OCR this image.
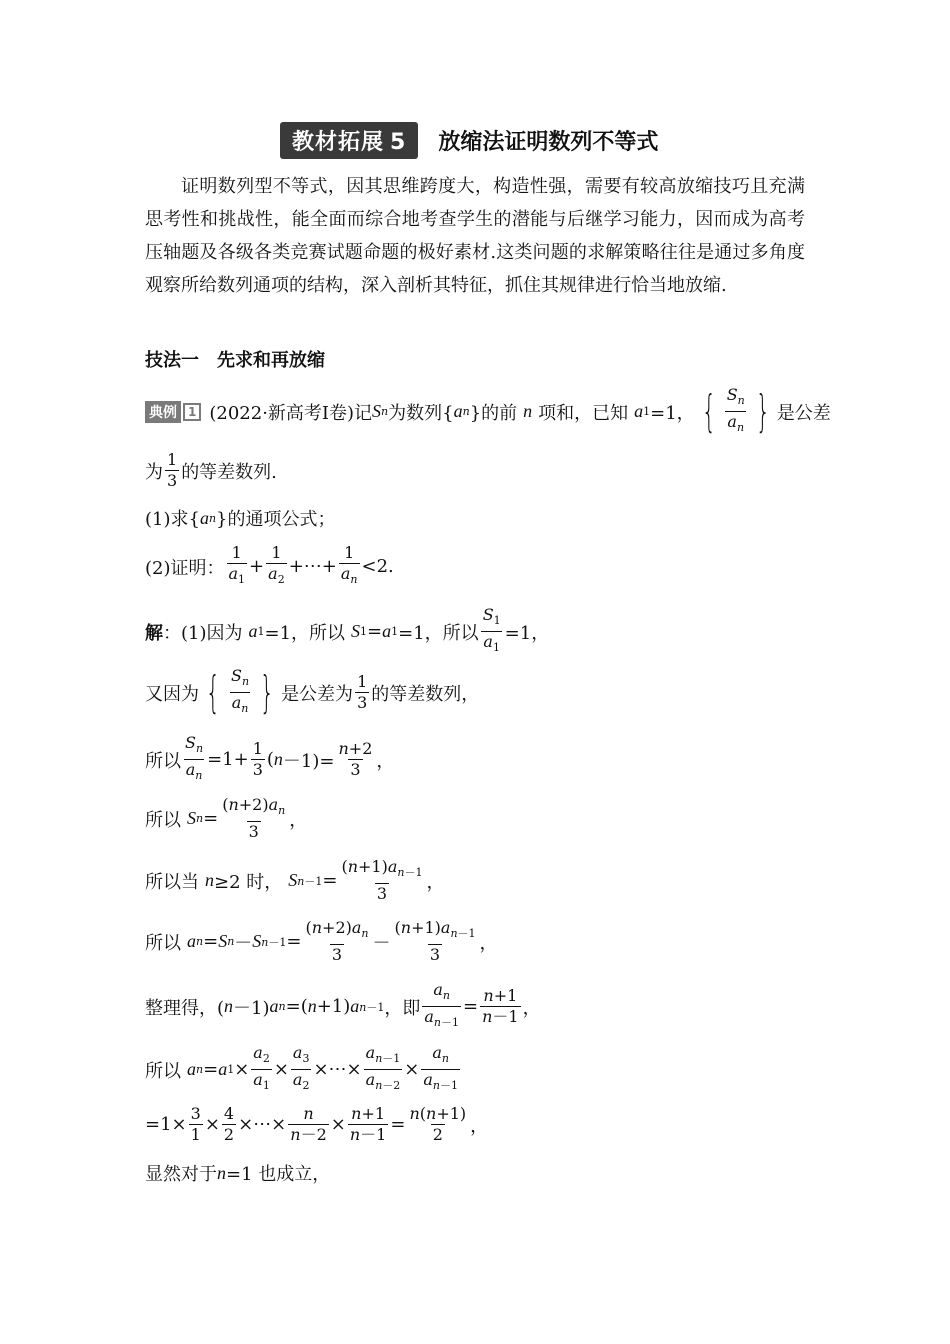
教材拓展 5	放缩法证明数列不等式
证明数列型不等式，因其思维跨度大，构造性强，需要有较高放缩技巧且充满思考性和挑战性，能全面而综合地考查学生的潜能与后继学习能力，因而成为高考压轴题及各级各类竞赛试题命题的极好素材.这类问题的求解策略往往是通过多角度观察所给数列通项的结构，深入剖析其特征，抓住其规律进行恰当地放缩.
技法一　先求和再放缩
典例 1 (2022·新高考Ⅰ卷)记 S n 为数列{ a n }的前 n 项和，已知 a 1 =1， { $\frac{S_n}{a_n}$ } 是公差
为 $\frac{1}{3}$ 的等差数列.
(1)求{ a n }的通项公式；
(2)证明： $\frac{1}{a_1} + \frac{1}{a_2}$ +⋯+ $\frac{1}{a_n} <2$.
解 ：(1)因为 a 1 =1，所以 S 1 = a 1 =1，所以 $\frac{S_1}{a_1} =1$，
又因为 { $\frac{S_n}{a_n}$ } 是公差为 $\frac{1}{3}$ 的等差数列，
所以 $\frac{S_n}{a_n} =1+ \frac{1}{3}$ ( $n -1)= \frac{n+2}{3}$ ，
所以 S $n = \frac{(n+2)a_n}{3}$ ，
所以当 n ≥2 时， S $n-1 = \frac{(n+1)a_{n-1}}{3}$ ，
所以 a n = S n － S $n-1 = \frac{(n+2)a_n}{3} - \frac{(n+1)a_{n-1}}{3}$ ，
整理得，( n －1) a n =( n +1) a n－1 ，即 $\frac{a_n}{a_{n-1}} = \frac{n+1}{n-1}$ ，
所以 a n = a $1 \times \frac{a_2}{a_1} \times \frac{a_3}{a_2}$ ×⋯× $\frac{a_{n-1}}{a_{n-2}} \times \frac{a_n}{a_{n-1}}$
$=1\times \frac{3}{1} \times \frac{4}{2}$ ×⋯× $\frac{n}{n-2} \times \frac{n+1}{n-1} = \frac{n(n+1)}{2}$ ，
显然对于 n =1 也成立，
